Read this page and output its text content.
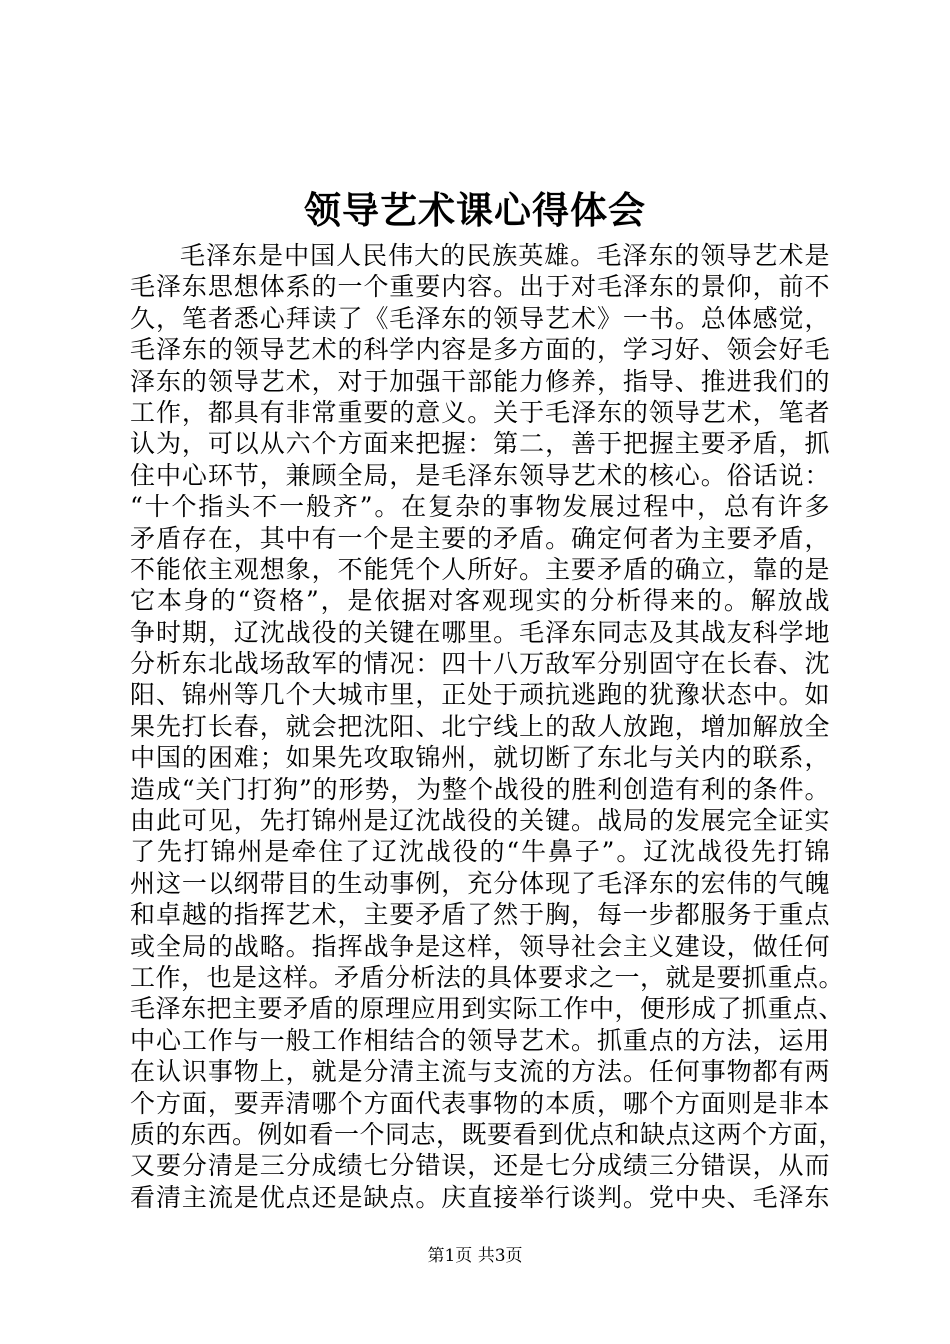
领导艺术课心得体会
毛泽东是中国人民伟大的民族英雄。毛泽东的领导艺术是
毛泽东思想体系的一个重要内容。出于对毛泽东的景仰，前不
久，笔者悉心拜读了《毛泽东的领导艺术》一书。总体感觉，
毛泽东的领导艺术的科学内容是多方面的，学习好、领会好毛
泽东的领导艺术，对于加强干部能力修养，指导、推进我们的
工作，都具有非常重要的意义。关于毛泽东的领导艺术，笔者
认为，可以从六个方面来把握：第二，善于把握主要矛盾，抓
住中心环节，兼顾全局，是毛泽东领导艺术的核心。俗话说：
“十个指头不一般齐”。在复杂的事物发展过程中，总有许多
矛盾存在，其中有一个是主要的矛盾。确定何者为主要矛盾，
不能依主观想象，不能凭个人所好。主要矛盾的确立，靠的是
它本身的“资格”，是依据对客观现实的分析得来的。解放战
争时期，辽沈战役的关键在哪里。毛泽东同志及其战友科学地
分析东北战场敌军的情况：四十八万敌军分别固守在长春、沈
阳、锦州等几个大城市里，正处于顽抗逃跑的犹豫状态中。如
果先打长春，就会把沈阳、北宁线上的敌人放跑，增加解放全
中国的困难；如果先攻取锦州，就切断了东北与关内的联系，
造成“关门打狗”的形势，为整个战役的胜利创造有利的条件。
由此可见，先打锦州是辽沈战役的关键。战局的发展完全证实
了先打锦州是牵住了辽沈战役的“牛鼻子”。辽沈战役先打锦
州这一以纲带目的生动事例，充分体现了毛泽东的宏伟的气魄
和卓越的指挥艺术，主要矛盾了然于胸，每一步都服务于重点
或全局的战略。指挥战争是这样，领导社会主义建设，做任何
工作，也是这样。矛盾分析法的具体要求之一，就是要抓重点。
毛泽东把主要矛盾的原理应用到实际工作中，便形成了抓重点、
中心工作与一般工作相结合的领导艺术。抓重点的方法，运用
在认识事物上，就是分清主流与支流的方法。任何事物都有两
个方面，要弄清哪个方面代表事物的本质，哪个方面则是非本
质的东西。例如看一个同志，既要看到优点和缺点这两个方面，
又要分清是三分成绩七分错误，还是七分成绩三分错误，从而
看清主流是优点还是缺点。庆直接举行谈判。党中央、毛泽东
第1页 共3页
